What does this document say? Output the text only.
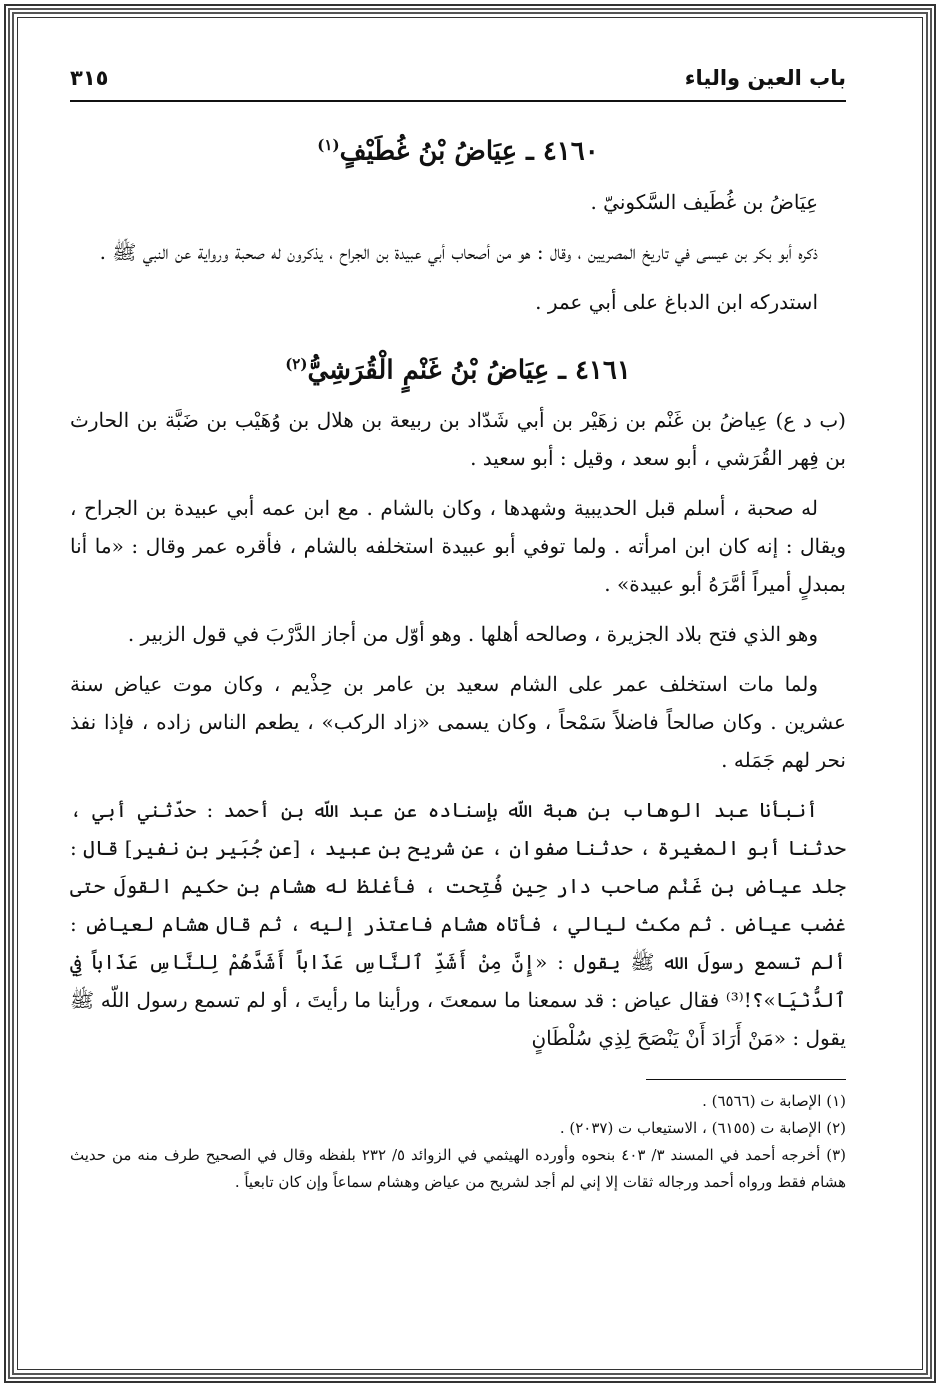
باب العين والياء
٣١٥
٤١٦٠ ـ عِيَاضُ بْنُ غُطَيْفٍ$^{(١)}$

عِيَاضُ بن غُطَيف السَّكونيّ .

ذكره أبو بكر بن عيسى في تاريخ المصريين ، وقال : هو من أصحاب أبي عبيدة بن الجراح ، يذكرون له صحبة ورواية عن النبي ﷺ .

استدركه ابن الدباغ على أبي عمر .

٤١٦١ ـ عِيَاضُ بْنُ غَنْمٍ الْقُرَشِيُّ$^{(٢)}$

(ب د ع) عِياضُ بن غَنْم بن زهَيْر بن أبي شَدّاد بن ربيعة بن هلال بن وُهَيْب بن ضَبَّة بن الحارث بن فِهر القُرَشي ، أبو سعد ، وقيل : أبو سعيد .

له صحبة ، أسلم قبل الحديبية وشهدها ، وكان بالشام . مع ابن عمه أبي عبيدة بن الجراح ، ويقال : إنه كان ابن امرأته . ولما توفي أبو عبيدة استخلفه بالشام ، فأقره عمر وقال : «ما أنا بمبدلٍ أميراً أمَّرَهُ أبو عبيدة» .

وهو الذي فتح بلاد الجزيرة ، وصالحه أهلها . وهو أوّل من أجاز الدَّرْبَ في قول الزبير .

ولما مات استخلف عمر على الشام سعيد بن عامر بن حِذْيم ، وكان موت عياض سنة عشرين . وكان صالحاً فاضلاً سَمْحاً ، وكان يسمى «زاد الركب» ، يطعم الناس زاده ، فإذا نفذ نحر لهم جَمَله .

أنبأنا عبد الوهاب بن هبة اللّه بإسناده عن عبد اللّه بن أحمد : حدّثني أبي ، حدثنا أبو المغيرة ، حدثنا صفوان ، عن شريح بن عبيد ، [عن جُبَير بن نفير] قال : جلد عياض بن غَنْم صاحب دار حِين فُتِحت ، فأغلظ له هشام بن حكيم القولَ حتى غضب عياض . ثم مكث ليالي ، فأتاه هشام فاعتذر إليه ، ثم قال هشام لعياض : ألم تسمع رسولَ الله ﷺ يقول : «إِنَّ مِنْ أَشَدِّ ٱلنَّاسِ عَذَاباً أَشَدَّهُمْ لِلنَّاسِ عَذَاباً فِي ٱلدُّنْيَا»؟!⁽³⁾ فقال عياض : قد سمعنا ما سمعتَ ، ورأينا ما رأيتَ ، أو لم تسمع رسول اللّه ﷺ يقول : «مَنْ أَرَادَ أَنْ يَنْصَحَ لِذِي سُلْطَانٍ

(١) الإصابة ت (٦٥٦٦) .

(٢) الإصابة ت (٦١٥٥) ، الاستيعاب ت (٢٠٣٧) .

(٣) أخرجه أحمد في المسند ٣/ ٤٠٣ بنحوه وأورده الهيثمي في الزوائد ٥/ ٢٣٢ بلفظه وقال في الصحيح طرف منه من حديث هشام فقط ورواه أحمد ورجاله ثقات إلا إني لم أجد لشريح من عياض وهشام سماعاً وإن كان تابعياً .
